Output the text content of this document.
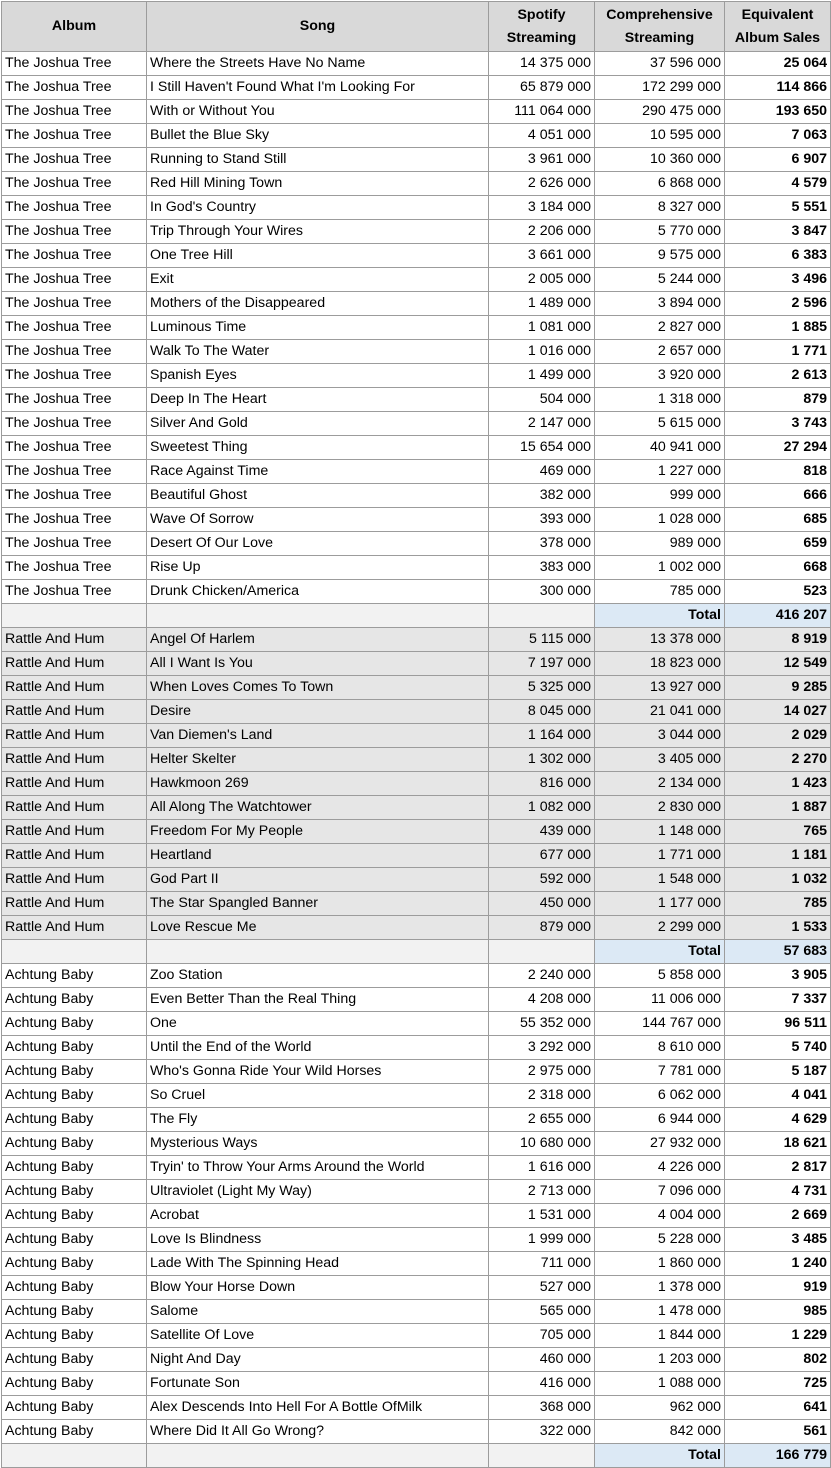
Album	Song	Spotify Streaming	Comprehensive Streaming	Equivalent Album Sales
The Joshua Tree	Where the Streets Have No Name	14 375 000	37 596 000	25 064
The Joshua Tree	I Still Haven't Found What I'm Looking For	65 879 000	172 299 000	114 866
The Joshua Tree	With or Without You	111 064 000	290 475 000	193 650
The Joshua Tree	Bullet the Blue Sky	4 051 000	10 595 000	7 063
The Joshua Tree	Running to Stand Still	3 961 000	10 360 000	6 907
The Joshua Tree	Red Hill Mining Town	2 626 000	6 868 000	4 579
The Joshua Tree	In God's Country	3 184 000	8 327 000	5 551
The Joshua Tree	Trip Through Your Wires	2 206 000	5 770 000	3 847
The Joshua Tree	One Tree Hill	3 661 000	9 575 000	6 383
The Joshua Tree	Exit	2 005 000	5 244 000	3 496
The Joshua Tree	Mothers of the Disappeared	1 489 000	3 894 000	2 596
The Joshua Tree	Luminous Time	1 081 000	2 827 000	1 885
The Joshua Tree	Walk To The Water	1 016 000	2 657 000	1 771
The Joshua Tree	Spanish Eyes	1 499 000	3 920 000	2 613
The Joshua Tree	Deep In The Heart	504 000	1 318 000	879
The Joshua Tree	Silver And Gold	2 147 000	5 615 000	3 743
The Joshua Tree	Sweetest Thing	15 654 000	40 941 000	27 294
The Joshua Tree	Race Against Time	469 000	1 227 000	818
The Joshua Tree	Beautiful Ghost	382 000	999 000	666
The Joshua Tree	Wave Of Sorrow	393 000	1 028 000	685
The Joshua Tree	Desert Of Our Love	378 000	989 000	659
The Joshua Tree	Rise Up	383 000	1 002 000	668
The Joshua Tree	Drunk Chicken/America	300 000	785 000	523
			Total	416 207
Rattle And Hum	Angel Of Harlem	5 115 000	13 378 000	8 919
Rattle And Hum	All I Want Is You	7 197 000	18 823 000	12 549
Rattle And Hum	When Loves Comes To Town	5 325 000	13 927 000	9 285
Rattle And Hum	Desire	8 045 000	21 041 000	14 027
Rattle And Hum	Van Diemen's Land	1 164 000	3 044 000	2 029
Rattle And Hum	Helter Skelter	1 302 000	3 405 000	2 270
Rattle And Hum	Hawkmoon 269	816 000	2 134 000	1 423
Rattle And Hum	All Along The Watchtower	1 082 000	2 830 000	1 887
Rattle And Hum	Freedom For My People	439 000	1 148 000	765
Rattle And Hum	Heartland	677 000	1 771 000	1 181
Rattle And Hum	God Part II	592 000	1 548 000	1 032
Rattle And Hum	The Star Spangled Banner	450 000	1 177 000	785
Rattle And Hum	Love Rescue Me	879 000	2 299 000	1 533
			Total	57 683
Achtung Baby	Zoo Station	2 240 000	5 858 000	3 905
Achtung Baby	Even Better Than the Real Thing	4 208 000	11 006 000	7 337
Achtung Baby	One	55 352 000	144 767 000	96 511
Achtung Baby	Until the End of the World	3 292 000	8 610 000	5 740
Achtung Baby	Who's Gonna Ride Your Wild Horses	2 975 000	7 781 000	5 187
Achtung Baby	So Cruel	2 318 000	6 062 000	4 041
Achtung Baby	The Fly	2 655 000	6 944 000	4 629
Achtung Baby	Mysterious Ways	10 680 000	27 932 000	18 621
Achtung Baby	Tryin' to Throw Your Arms Around the World	1 616 000	4 226 000	2 817
Achtung Baby	Ultraviolet (Light My Way)	2 713 000	7 096 000	4 731
Achtung Baby	Acrobat	1 531 000	4 004 000	2 669
Achtung Baby	Love Is Blindness	1 999 000	5 228 000	3 485
Achtung Baby	Lade With The Spinning Head	711 000	1 860 000	1 240
Achtung Baby	Blow Your Horse Down	527 000	1 378 000	919
Achtung Baby	Salome	565 000	1 478 000	985
Achtung Baby	Satellite Of Love	705 000	1 844 000	1 229
Achtung Baby	Night And Day	460 000	1 203 000	802
Achtung Baby	Fortunate Son	416 000	1 088 000	725
Achtung Baby	Alex Descends Into Hell For A Bottle OfMilk	368 000	962 000	641
Achtung Baby	Where Did It All Go Wrong?	322 000	842 000	561
			Total	166 779
